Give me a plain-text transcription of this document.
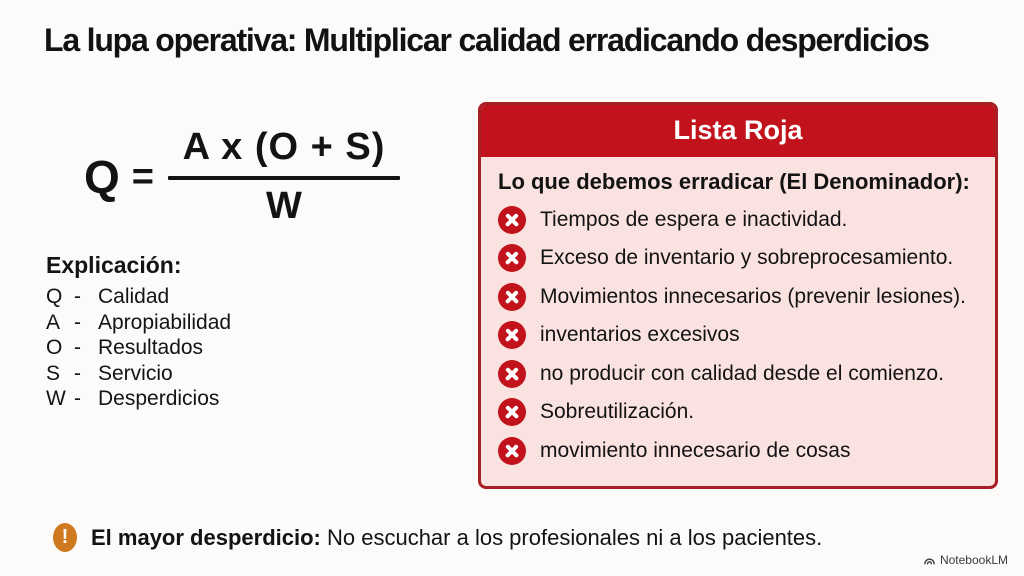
La lupa operativa: Multiplicar calidad erradicando desperdicios
$Q = \frac{\text{A x (O + S)}}{W}$
Explicación:
Q - Calidad
A - Apropiabilidad
O - Resultados
S - Servicio
W - Desperdicios
Lista Roja
Lo que debemos erradicar (El Denominador):
Tiempos de espera e inactividad.
Exceso de inventario y sobreprocesamiento.
Movimientos innecesarios (prevenir lesiones).
inventarios excesivos
no producir con calidad desde el comienzo.
Sobreutilización.
movimiento innecesario de cosas
!	El mayor desperdicio: No escuchar a los profesionales ni a los pacientes.
NotebookLM
